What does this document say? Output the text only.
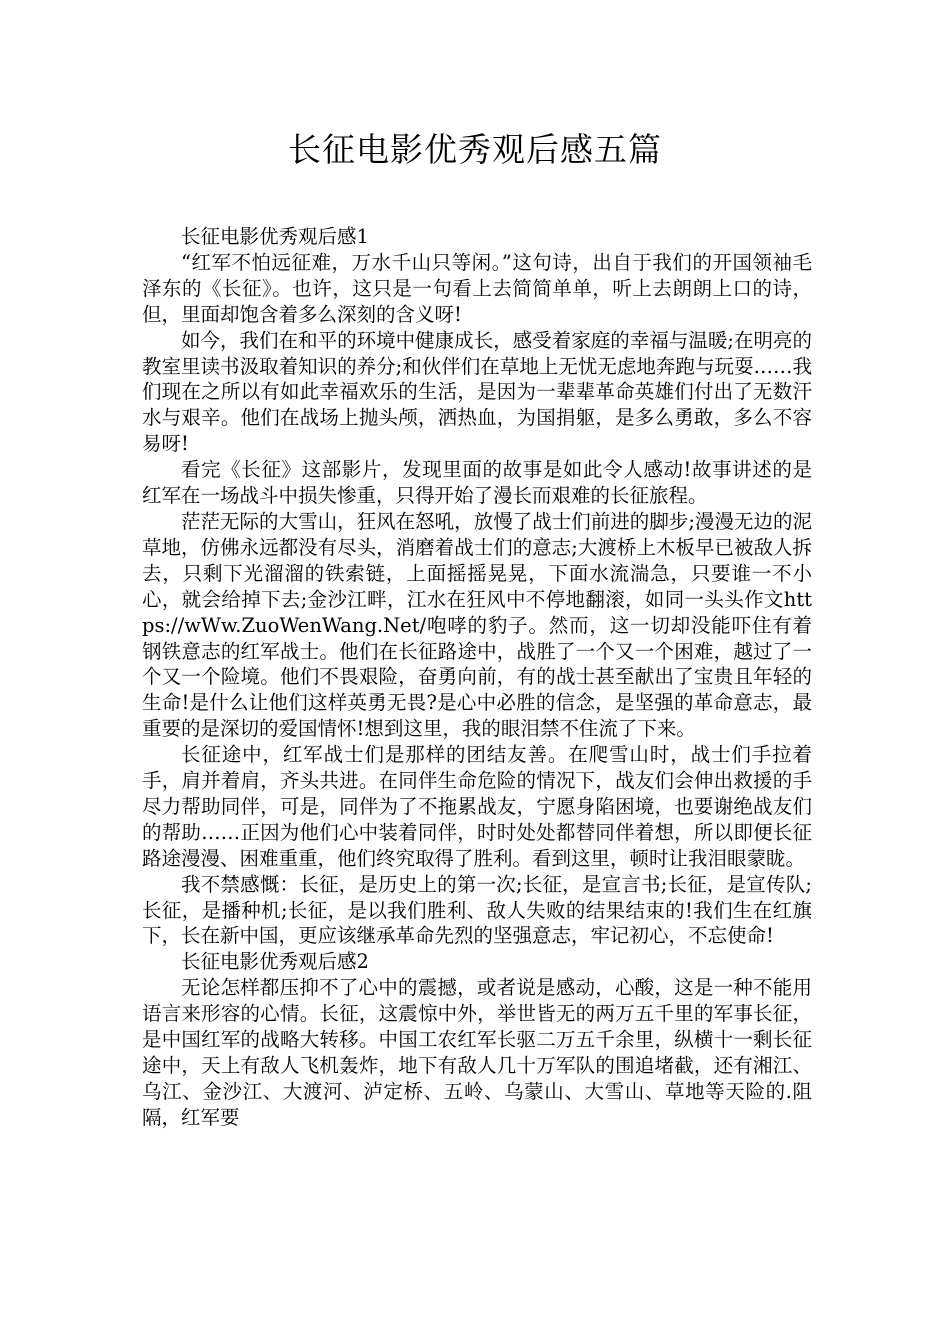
长征电影优秀观后感五篇

长征电影优秀观后感1

“红军不怕远征难，万水千山只等闲。”这句诗，出自于我们的开国领袖毛泽东的《长征》。也许，这只是一句看上去简简单单，听上去朗朗上口的诗，但，里面却饱含着多么深刻的含义呀!

如今，我们在和平的环境中健康成长，感受着家庭的幸福与温暖;在明亮的教室里读书汲取着知识的养分;和伙伴们在草地上无忧无虑地奔跑与玩耍……我们现在之所以有如此幸福欢乐的生活，是因为一辈辈革命英雄们付出了无数汗水与艰辛。他们在战场上抛头颅，洒热血，为国捐躯，是多么勇敢，多么不容易呀!

看完《长征》这部影片，发现里面的故事是如此令人感动!故事讲述的是红军在一场战斗中损失惨重，只得开始了漫长而艰难的长征旅程。

茫茫无际的大雪山，狂风在怒吼，放慢了战士们前进的脚步;漫漫无边的泥草地，仿佛永远都没有尽头，消磨着战士们的意志;大渡桥上木板早已被敌人拆去，只剩下光溜溜的铁索链，上面摇摇晃晃，下面水流湍急，只要谁一不小心，就会给掉下去;金沙江畔，江水在狂风中不停地翻滚，如同一头头作文https://wWw.ZuoWenWang.Net/咆哮的豹子。然而，这一切却没能吓住有着钢铁意志的红军战士。他们在长征路途中，战胜了一个又一个困难，越过了一个又一个险境。他们不畏艰险，奋勇向前，有的战士甚至献出了宝贵且年轻的生命!是什么让他们这样英勇无畏?是心中必胜的信念，是坚强的革命意志，最重要的是深切的爱国情怀!想到这里，我的眼泪禁不住流了下来。

长征途中，红军战士们是那样的团结友善。在爬雪山时，战士们手拉着手，肩并着肩，齐头共进。在同伴生命危险的情况下，战友们会伸出救援的手尽力帮助同伴，可是，同伴为了不拖累战友，宁愿身陷困境，也要谢绝战友们的帮助……正因为他们心中装着同伴，时时处处都替同伴着想，所以即便长征路途漫漫、困难重重，他们终究取得了胜利。看到这里，顿时让我泪眼蒙眬。

我不禁感慨：长征，是历史上的第一次;长征，是宣言书;长征，是宣传队;长征，是播种机;长征，是以我们胜利、敌人失败的结果结束的!我们生在红旗下，长在新中国，更应该继承革命先烈的坚强意志，牢记初心，不忘使命!

长征电影优秀观后感2

无论怎样都压抑不了心中的震撼，或者说是感动，心酸，这是一种不能用语言来形容的心情。长征，这震惊中外，举世皆无的两万五千里的军事长征，是中国红军的战略大转移。中国工农红军长驱二万五千余里，纵横十一剩长征途中，天上有敌人飞机轰炸，地下有敌人几十万军队的围追堵截，还有湘江、乌江、金沙江、大渡河、泸定桥、五岭、乌蒙山、大雪山、草地等天险的.阻隔，红军要
